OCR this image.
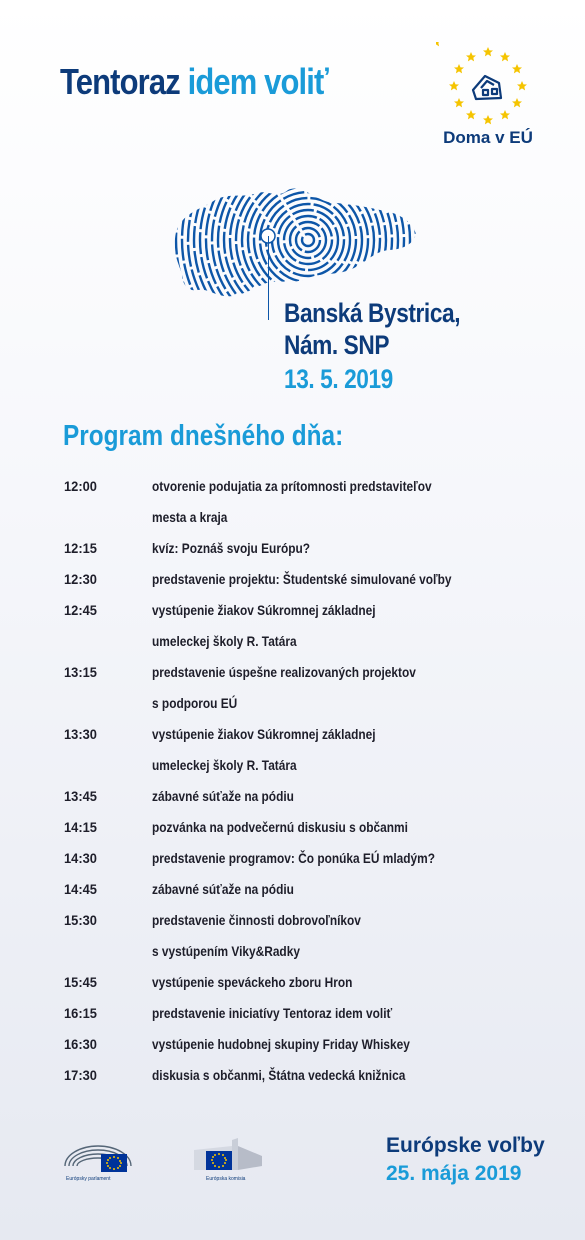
Tentoraz idem voliť
Doma v EÚ
Banská Bystrica,
Nám. SNP
13. 5. 2019
Program dnešného dňa:
12:00	otvorenie podujatia za prítomnosti predstaviteľov
mesta a kraja
12:15	kvíz: Poznáš svoju Európu?
12:30	predstavenie projektu: Študentské simulované voľby
12:45	vystúpenie žiakov Súkromnej základnej
umeleckej školy R. Tatára
13:15	predstavenie úspešne realizovaných projektov
s podporou EÚ
13:30	vystúpenie žiakov Súkromnej základnej
umeleckej školy R. Tatára
13:45	zábavné súťaže na pódiu
14:15	pozvánka na podvečernú diskusiu s občanmi
14:30	predstavenie programov: Čo ponúka EÚ mladým?
14:45	zábavné súťaže na pódiu
15:30	predstavenie činnosti dobrovoľníkov
s vystúpením Viky&Radky
15:45	vystúpenie speváckeho zboru Hron
16:15	predstavenie iniciatívy Tentoraz idem voliť
16:30	vystúpenie hudobnej skupiny Friday Whiskey
17:30	diskusia s občanmi, Štátna vedecká knižnica
Európsky parlament	Európska komisia
Európske voľby
25. mája 2019
